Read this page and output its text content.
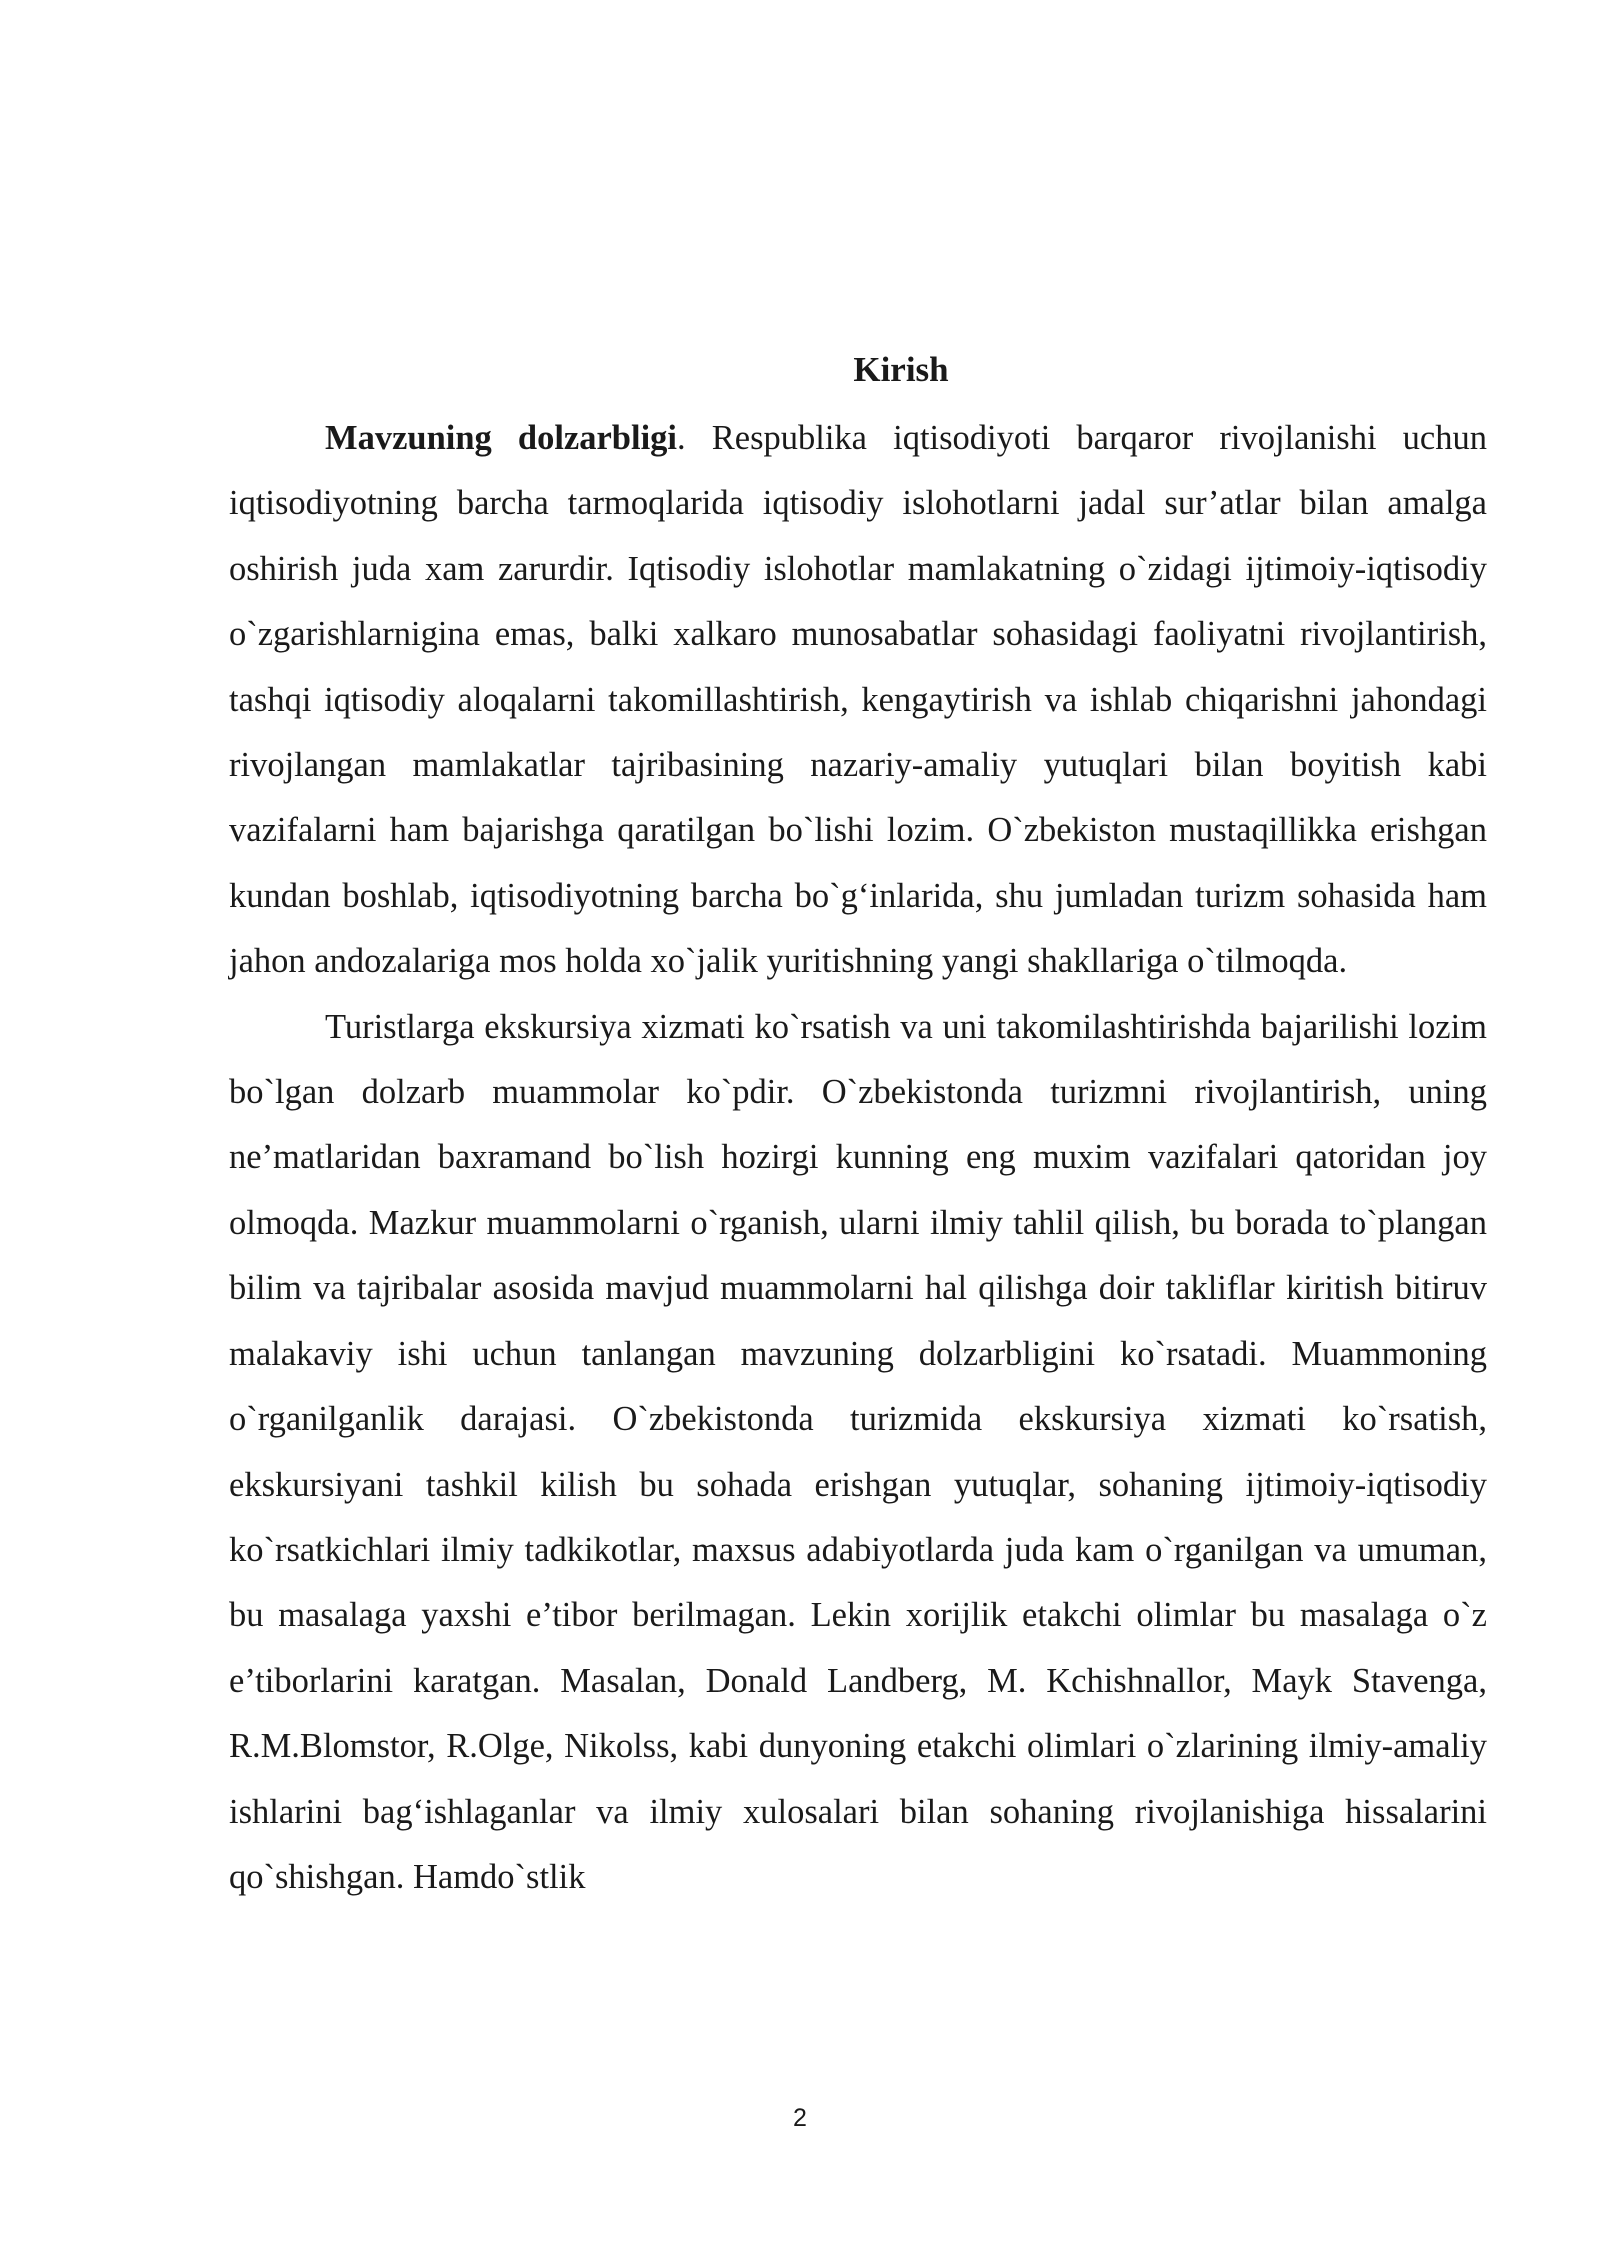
Kirish

Mavzuning dolzarbligi. Respublika iqtisodiyoti barqaror rivojlanishi uchun iqtisodiyotning barcha tarmoqlarida iqtisodiy islohotlarni jadal sur’atlar bilan amalga oshirish juda xam zarurdir. Iqtisodiy islohotlar mamlakatning o`zidagi ijtimoiy-iqtisodiy o`zgarishlarnigina emas, balki xalkaro munosabatlar sohasidagi faoliyatni rivojlantirish, tashqi iqtisodiy aloqalarni takomillashtirish, kengaytirish va ishlab chiqarishni jahondagi rivojlangan mamlakatlar tajribasining nazariy-amaliy yutuqlari bilan boyitish kabi vazifalarni ham bajarishga qaratilgan bo`lishi lozim. O`zbekiston mustaqillikka erishgan kundan boshlab, iqtisodiyotning barcha bo`g‘inlarida, shu jumladan turizm sohasida ham jahon andozalariga mos holda xo`jalik yuritishning yangi shakllariga o`tilmoqda.

Turistlarga ekskursiya xizmati ko`rsatish va uni takomilashtirishda bajarilishi lozim bo`lgan dolzarb muammolar ko`pdir. O`zbekistonda turizmni rivojlantirish, uning ne’matlaridan baxramand bo`lish hozirgi kunning eng muxim vazifalari qatoridan joy olmoqda. Mazkur muammolarni o`rganish, ularni ilmiy tahlil qilish, bu borada to`plangan bilim va tajribalar asosida mavjud muammolarni hal qilishga doir takliflar kiritish bitiruv malakaviy ishi uchun tanlangan mavzuning dolzarbligini ko`rsatadi. Muammoning o`rganilganlik darajasi. O`zbekistonda turizmida ekskursiya xizmati ko`rsatish, ekskursiyani tashkil kilish bu sohada erishgan yutuqlar, sohaning ijtimoiy-iqtisodiy ko`rsatkichlari ilmiy tadkikotlar, maxsus adabiyotlarda juda kam o`rganilgan va umuman, bu masalaga yaxshi e’tibor berilmagan. Lekin xorijlik etakchi olimlar bu masalaga o`z e’tiborlarini karatgan. Masalan, Donald Landberg, M. Kchishnallor, Mayk Stavenga, R.M.Blomstor, R.Olge, Nikolss, kabi dunyoning etakchi olimlari o`zlarining ilmiy-amaliy ishlarini bag‘ishlaganlar va ilmiy xulosalari bilan sohaning rivojlanishiga hissalarini qo`shishgan. Hamdo`stlik

2
